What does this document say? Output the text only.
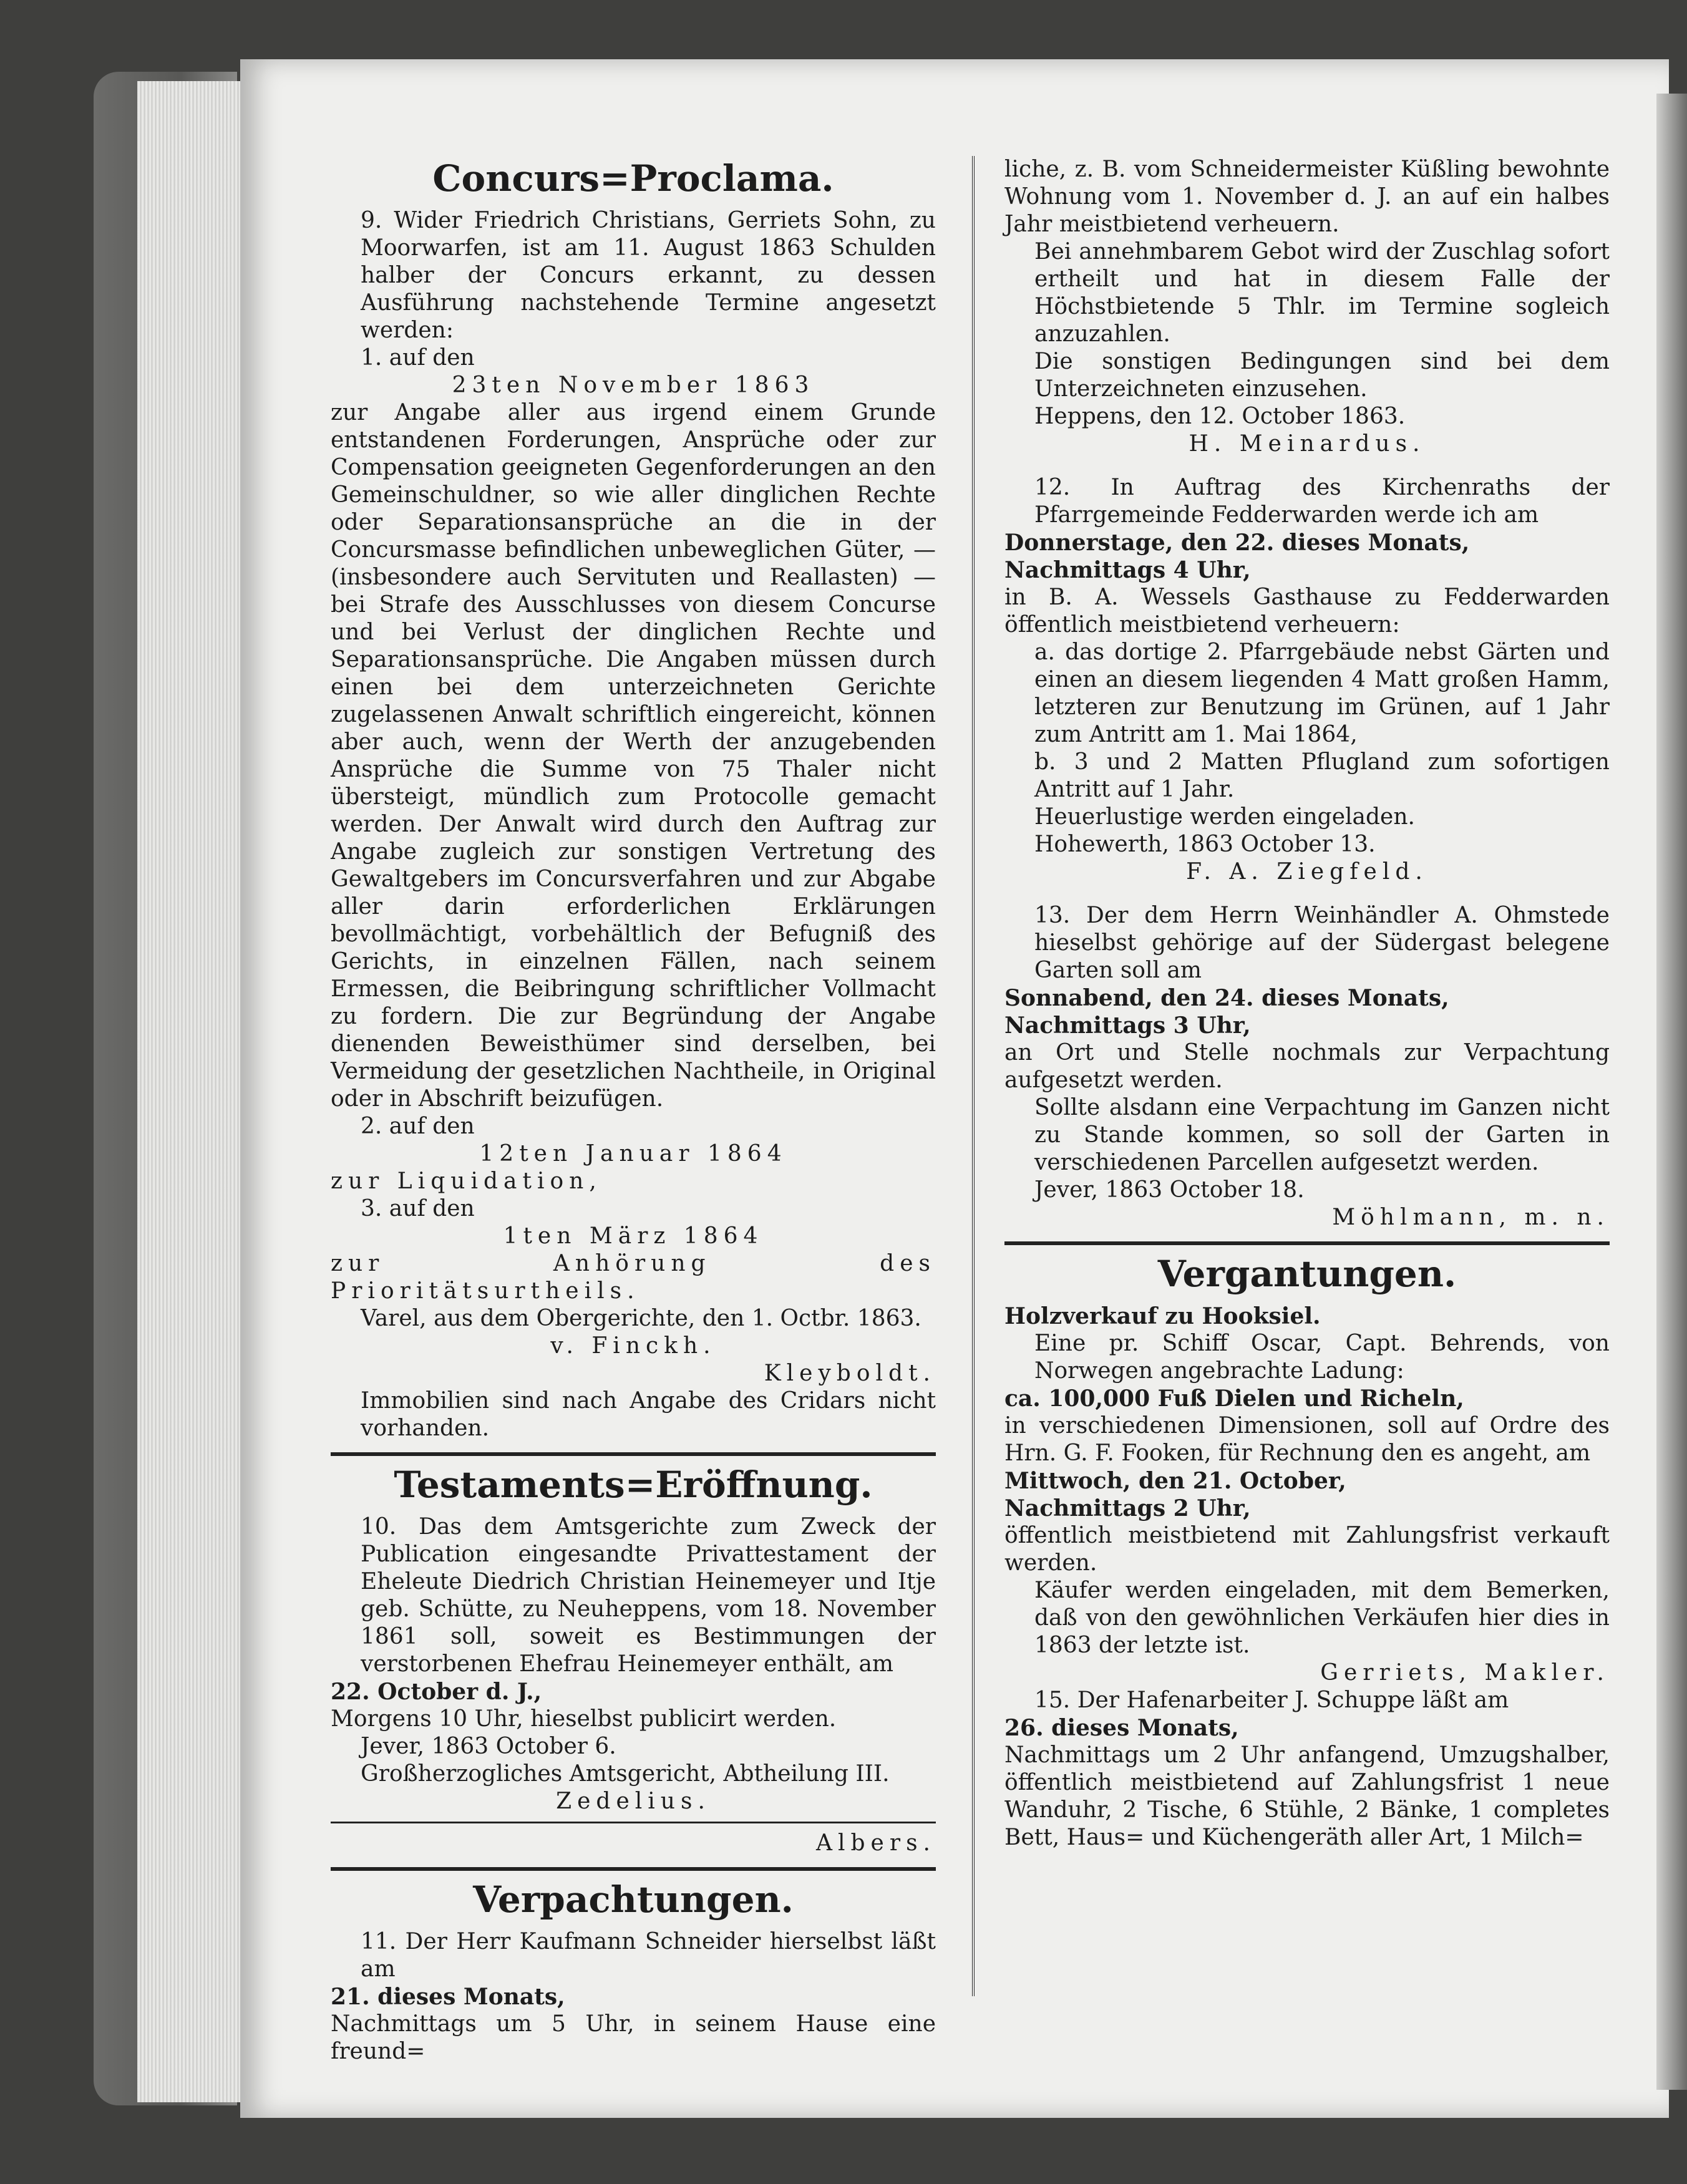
Concurs=Proclama.

9. Wider Friedrich Christians, Gerriets Sohn, zu Moorwarfen, ist am 11. August 1863 Schulden halber der Concurs erkannt, zu dessen Ausführung nachstehende Termine angesetzt werden:

1. auf den

23ten November 1863

zur Angabe aller aus irgend einem Grunde entstandenen Forderungen, Ansprüche oder zur Compensation geeigneten Gegenforderungen an den Gemeinschuldner, so wie aller dinglichen Rechte oder Separationsansprüche an die in der Concursmasse befindlichen unbeweglichen Güter, — (insbesondere auch Servituten und Reallasten) — bei Strafe des Ausschlusses von diesem Concurse und bei Verlust der dinglichen Rechte und Separationsansprüche. Die Angaben müssen durch einen bei dem unterzeichneten Gerichte zugelassenen Anwalt schriftlich eingereicht, können aber auch, wenn der Werth der anzugebenden Ansprüche die Summe von 75 Thaler nicht übersteigt, mündlich zum Protocolle gemacht werden. Der Anwalt wird durch den Auftrag zur Angabe zugleich zur sonstigen Vertretung des Gewaltgebers im Concursverfahren und zur Abgabe aller darin erforderlichen Erklärungen bevollmächtigt, vorbehältlich der Befugniß des Gerichts, in einzelnen Fällen, nach seinem Ermessen, die Beibringung schriftlicher Vollmacht zu fordern. Die zur Begründung der Angabe dienenden Beweisthümer sind derselben, bei Vermeidung der gesetzlichen Nachtheile, in Original oder in Abschrift beizufügen.

2. auf den

12ten Januar 1864

zur Liquidation,

3. auf den

1ten März 1864

zur Anhörung des Prioritätsurtheils.

Varel, aus dem Obergerichte, den 1. Octbr. 1863.

v. Finckh.

Kleyboldt.

Immobilien sind nach Angabe des Cridars nicht vorhanden.

Testaments=Eröffnung.

10. Das dem Amtsgerichte zum Zweck der Publication eingesandte Privattestament der Eheleute Diedrich Christian Heinemeyer und Itje geb. Schütte, zu Neuheppens, vom 18. November 1861 soll, soweit es Bestimmungen der verstorbenen Ehefrau Heinemeyer enthält, am

22. October d. J.,

Morgens 10 Uhr, hieselbst publicirt werden.

Jever, 1863 October 6.

Großherzogliches Amtsgericht, Abtheilung III.

Zedelius.

Albers.

Verpachtungen.

11. Der Herr Kaufmann Schneider hierselbst läßt am

21. dieses Monats,

Nachmittags um 5 Uhr, in seinem Hause eine freund=

liche, z. B. vom Schneidermeister Küßling bewohnte Wohnung vom 1. November d. J. an auf ein halbes Jahr meistbietend verheuern.

Bei annehmbarem Gebot wird der Zuschlag sofort ertheilt und hat in diesem Falle der Höchstbietende 5 Thlr. im Termine sogleich anzuzahlen.

Die sonstigen Bedingungen sind bei dem Unterzeichneten einzusehen.

Heppens, den 12. October 1863.

H. Meinardus.

12. In Auftrag des Kirchenraths der Pfarrgemeinde Fedderwarden werde ich am

Donnerstage, den 22. dieses Monats,

Nachmittags 4 Uhr,

in B. A. Wessels Gasthause zu Fedderwarden öffentlich meistbietend verheuern:

a. das dortige 2. Pfarrgebäude nebst Gärten und einen an diesem liegenden 4 Matt großen Hamm, letzteren zur Benutzung im Grünen, auf 1 Jahr zum Antritt am 1. Mai 1864,

b. 3 und 2 Matten Pflugland zum sofortigen Antritt auf 1 Jahr.

Heuerlustige werden eingeladen.

Hohewerth, 1863 October 13.

F. A. Ziegfeld.

13. Der dem Herrn Weinhändler A. Ohmstede hieselbst gehörige auf der Südergast belegene Garten soll am

Sonnabend, den 24. dieses Monats,

Nachmittags 3 Uhr,

an Ort und Stelle nochmals zur Verpachtung aufgesetzt werden.

Sollte alsdann eine Verpachtung im Ganzen nicht zu Stande kommen, so soll der Garten in verschiedenen Parcellen aufgesetzt werden.

Jever, 1863 October 18.

Möhlmann, m. n.

Vergantungen.

Holzverkauf zu Hooksiel.

Eine pr. Schiff Oscar, Capt. Behrends, von Norwegen angebrachte Ladung:

ca. 100,000 Fuß Dielen und Richeln,

in verschiedenen Dimensionen, soll auf Ordre des Hrn. G. F. Fooken, für Rechnung den es angeht, am

Mittwoch, den 21. October,

Nachmittags 2 Uhr,

öffentlich meistbietend mit Zahlungsfrist verkauft werden.

Käufer werden eingeladen, mit dem Bemerken, daß von den gewöhnlichen Verkäufen hier dies in 1863 der letzte ist.

Gerriets, Makler.

15. Der Hafenarbeiter J. Schuppe läßt am

26. dieses Monats,

Nachmittags um 2 Uhr anfangend, Umzugshalber, öffentlich meistbietend auf Zahlungsfrist 1 neue Wanduhr, 2 Tische, 6 Stühle, 2 Bänke, 1 completes Bett, Haus= und Küchengeräth aller Art, 1 Milch=
